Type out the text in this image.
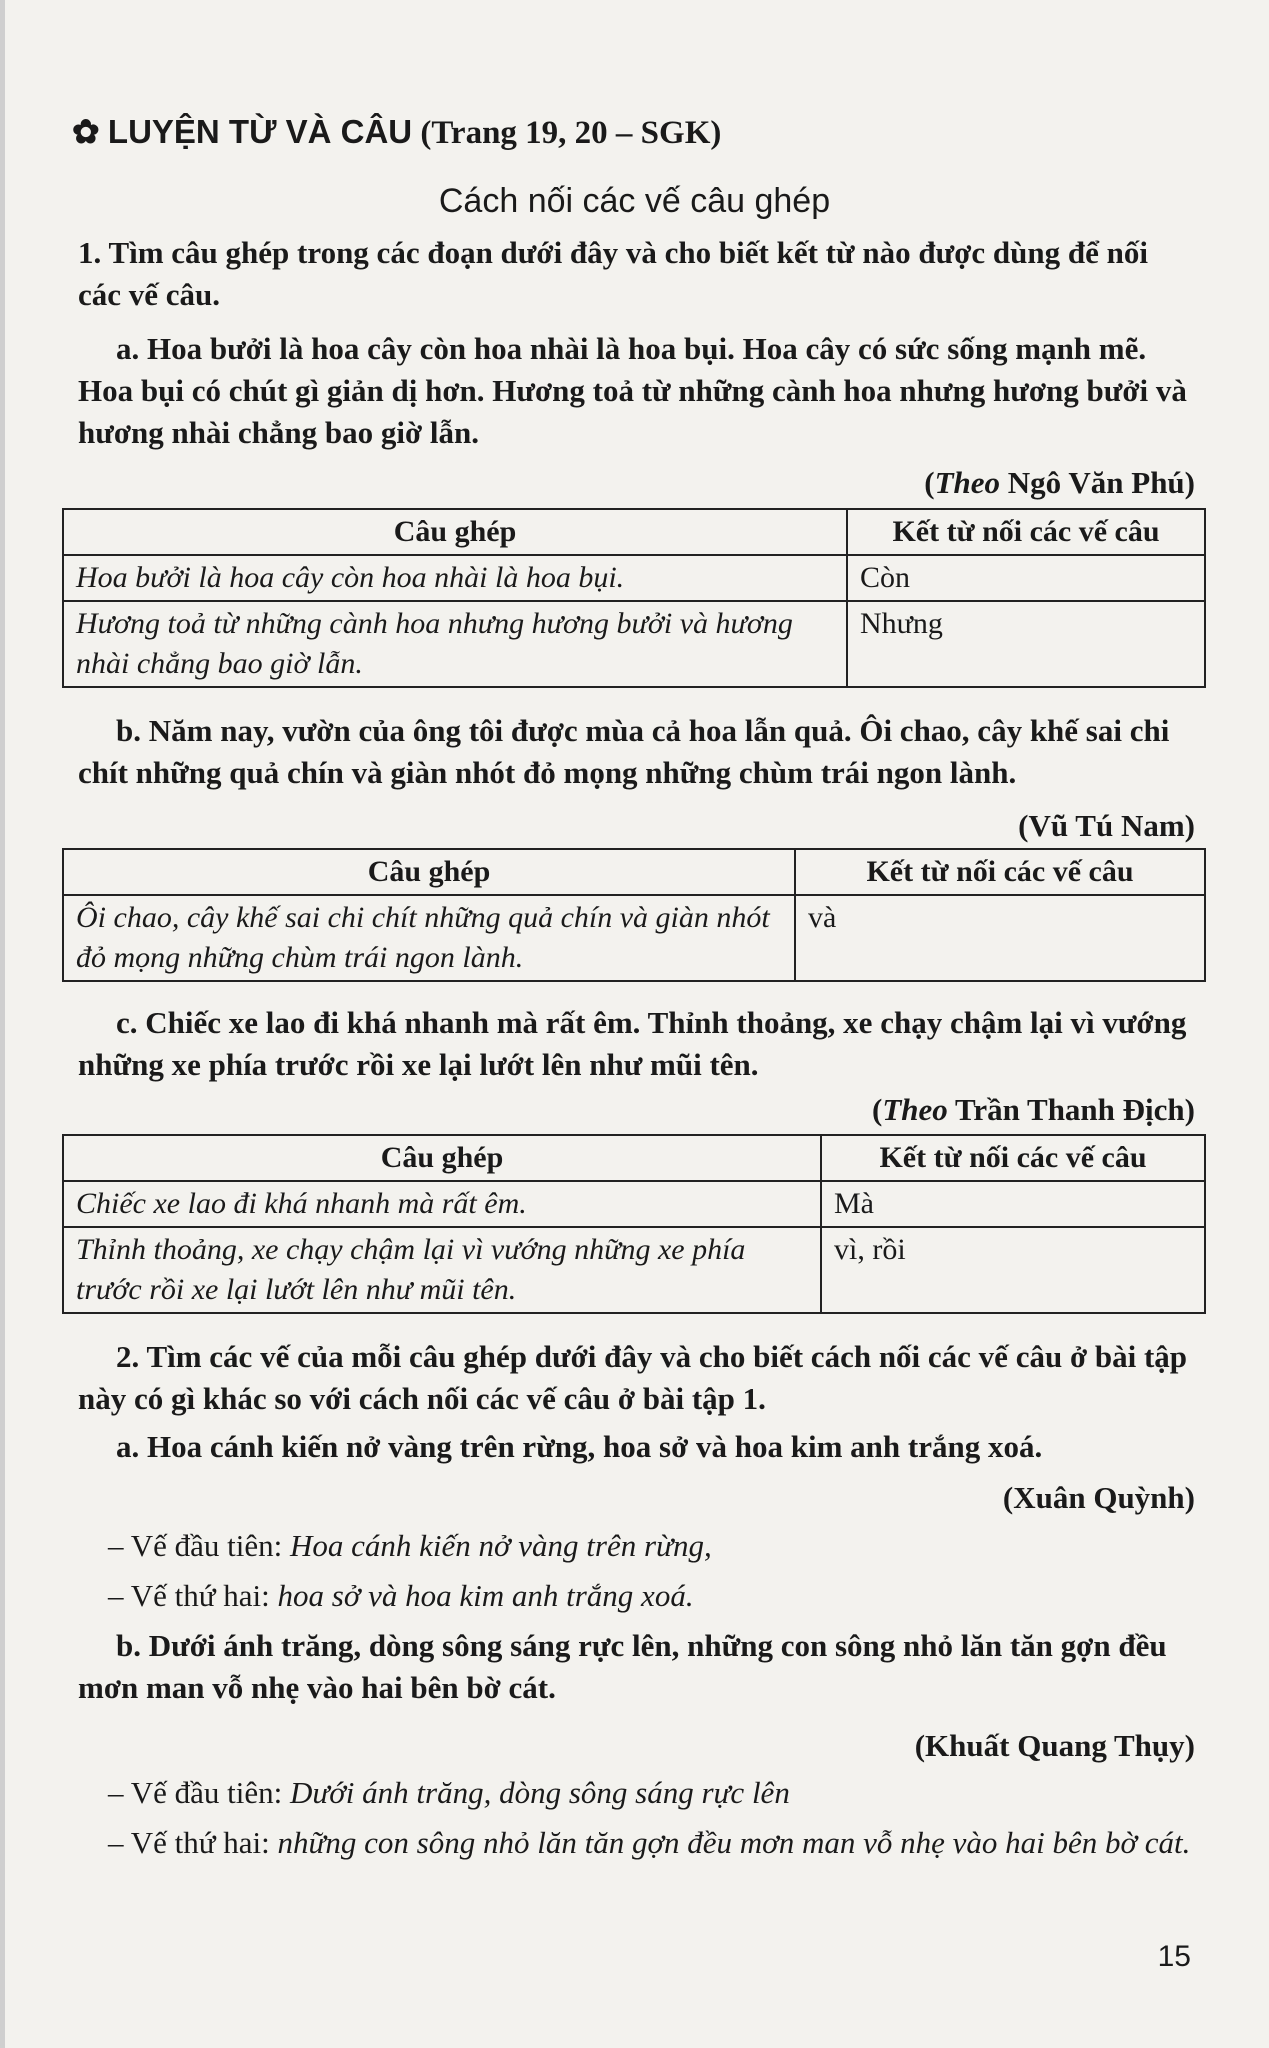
✿ LUYỆN TỪ VÀ CÂU (Trang 19, 20 – SGK)
Cách nối các vế câu ghép
1. Tìm câu ghép trong các đoạn dưới đây và cho biết kết từ nào được dùng để nối các vế câu.
a. Hoa bưởi là hoa cây còn hoa nhài là hoa bụi. Hoa cây có sức sống mạnh mẽ. Hoa bụi có chút gì giản dị hơn. Hương toả từ những cành hoa nhưng hương bưởi và hương nhài chẳng bao giờ lẫn.
(Theo Ngô Văn Phú)
Câu ghép	Kết từ nối các vế câu
Hoa bưởi là hoa cây còn hoa nhài là hoa bụi.	Còn
Hương toả từ những cành hoa nhưng hương bưởi và hương nhài chẳng bao giờ lẫn.	Nhưng
b. Năm nay, vườn của ông tôi được mùa cả hoa lẫn quả. Ôi chao, cây khế sai chi chít những quả chín và giàn nhót đỏ mọng những chùm trái ngon lành.
(Vũ Tú Nam)
Câu ghép	Kết từ nối các vế câu
Ôi chao, cây khế sai chi chít những quả chín và giàn nhót đỏ mọng những chùm trái ngon lành.	và
c. Chiếc xe lao đi khá nhanh mà rất êm. Thỉnh thoảng, xe chạy chậm lại vì vướng những xe phía trước rồi xe lại lướt lên như mũi tên.
(Theo Trần Thanh Địch)
Câu ghép	Kết từ nối các vế câu
Chiếc xe lao đi khá nhanh mà rất êm.	Mà
Thỉnh thoảng, xe chạy chậm lại vì vướng những xe phía trước rồi xe lại lướt lên như mũi tên.	vì, rồi
2. Tìm các vế của mỗi câu ghép dưới đây và cho biết cách nối các vế câu ở bài tập này có gì khác so với cách nối các vế câu ở bài tập 1.
a. Hoa cánh kiến nở vàng trên rừng, hoa sở và hoa kim anh trắng xoá.
(Xuân Quỳnh)
– Vế đầu tiên: Hoa cánh kiến nở vàng trên rừng,
– Vế thứ hai: hoa sở và hoa kim anh trắng xoá.
b. Dưới ánh trăng, dòng sông sáng rực lên, những con sông nhỏ lăn tăn gợn đều mơn man vỗ nhẹ vào hai bên bờ cát.
(Khuất Quang Thụy)
– Vế đầu tiên: Dưới ánh trăng, dòng sông sáng rực lên
– Vế thứ hai: những con sông nhỏ lăn tăn gợn đều mơn man vỗ nhẹ vào hai bên bờ cát.
15
